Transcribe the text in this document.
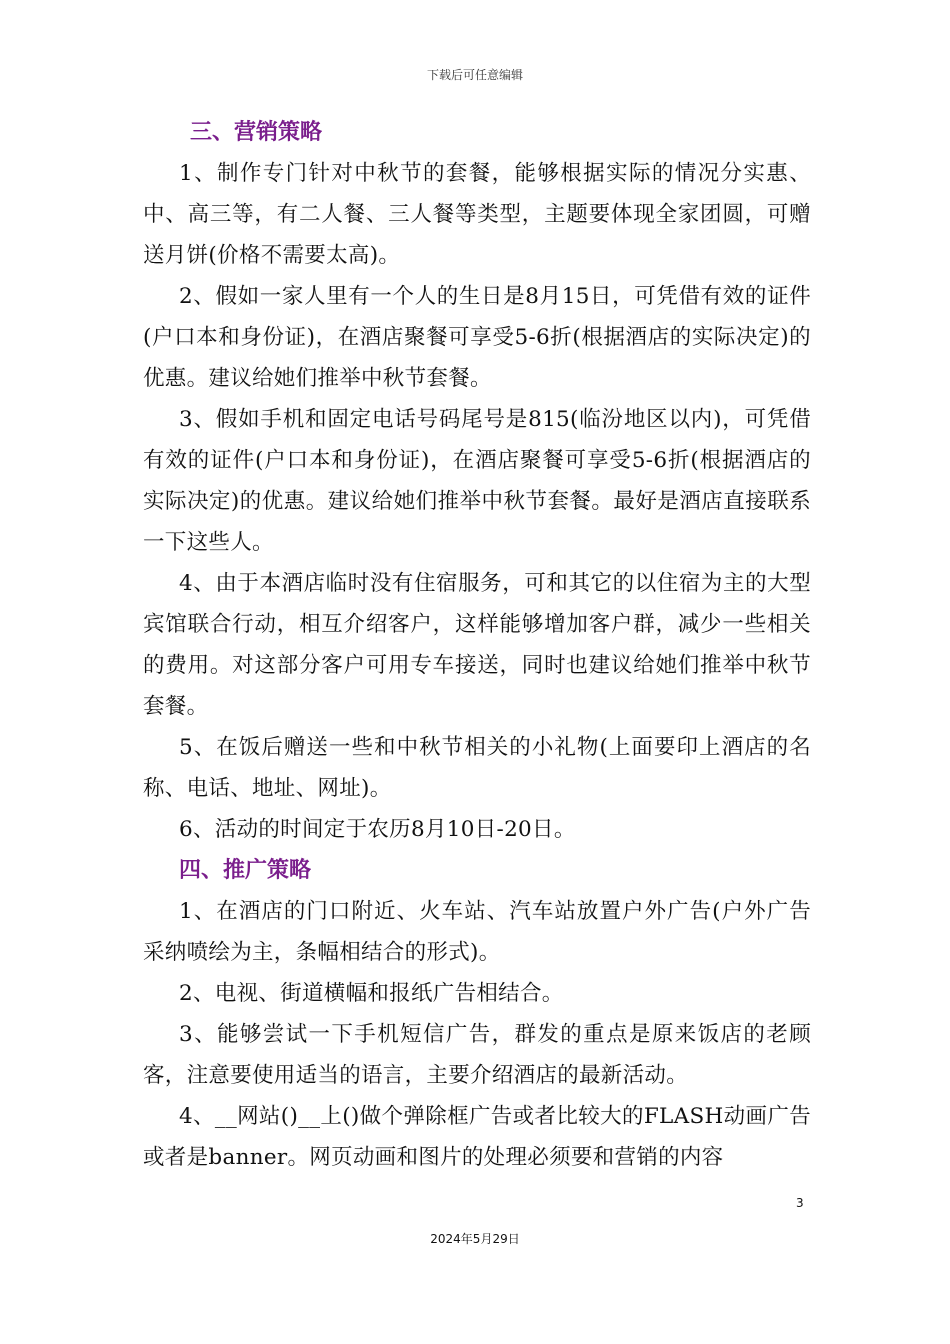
下载后可任意编辑
三、营销策略

1、制作专门针对中秋节的套餐，能够根据实际的情况分实惠、中、高三等，有二人餐、三人餐等类型，主题要体现全家团圆，可赠送月饼(价格不需要太高)。

2、假如一家人里有一个人的生日是8月15日，可凭借有效的证件(户口本和身份证)，在酒店聚餐可享受5-6折(根据酒店的实际决定)的优惠。建议给她们推举中秋节套餐。

3、假如手机和固定电话号码尾号是815(临汾地区以内)，可凭借有效的证件(户口本和身份证)，在酒店聚餐可享受5-6折(根据酒店的实际决定)的优惠。建议给她们推举中秋节套餐。最好是酒店直接联系一下这些人。

4、由于本酒店临时没有住宿服务，可和其它的以住宿为主的大型宾馆联合行动，相互介绍客户，这样能够增加客户群，减少一些相关的费用。对这部分客户可用专车接送，同时也建议给她们推举中秋节套餐。

5、在饭后赠送一些和中秋节相关的小礼物(上面要印上酒店的名称、电话、地址、网址)。

6、活动的时间定于农历8月10日-20日。

四、推广策略

1、在酒店的门口附近、火车站、汽车站放置户外广告(户外广告采纳喷绘为主，条幅相结合的形式)。

2、电视、街道横幅和报纸广告相结合。

3、能够尝试一下手机短信广告，群发的重点是原来饭店的老顾客，注意要使用适当的语言，主要介绍酒店的最新活动。

4、__网站()__上()做个弹除框广告或者比较大的FLASH动画广告或者是banner。网页动画和图片的处理必须要和营销的内容

3
2024年5月29日
